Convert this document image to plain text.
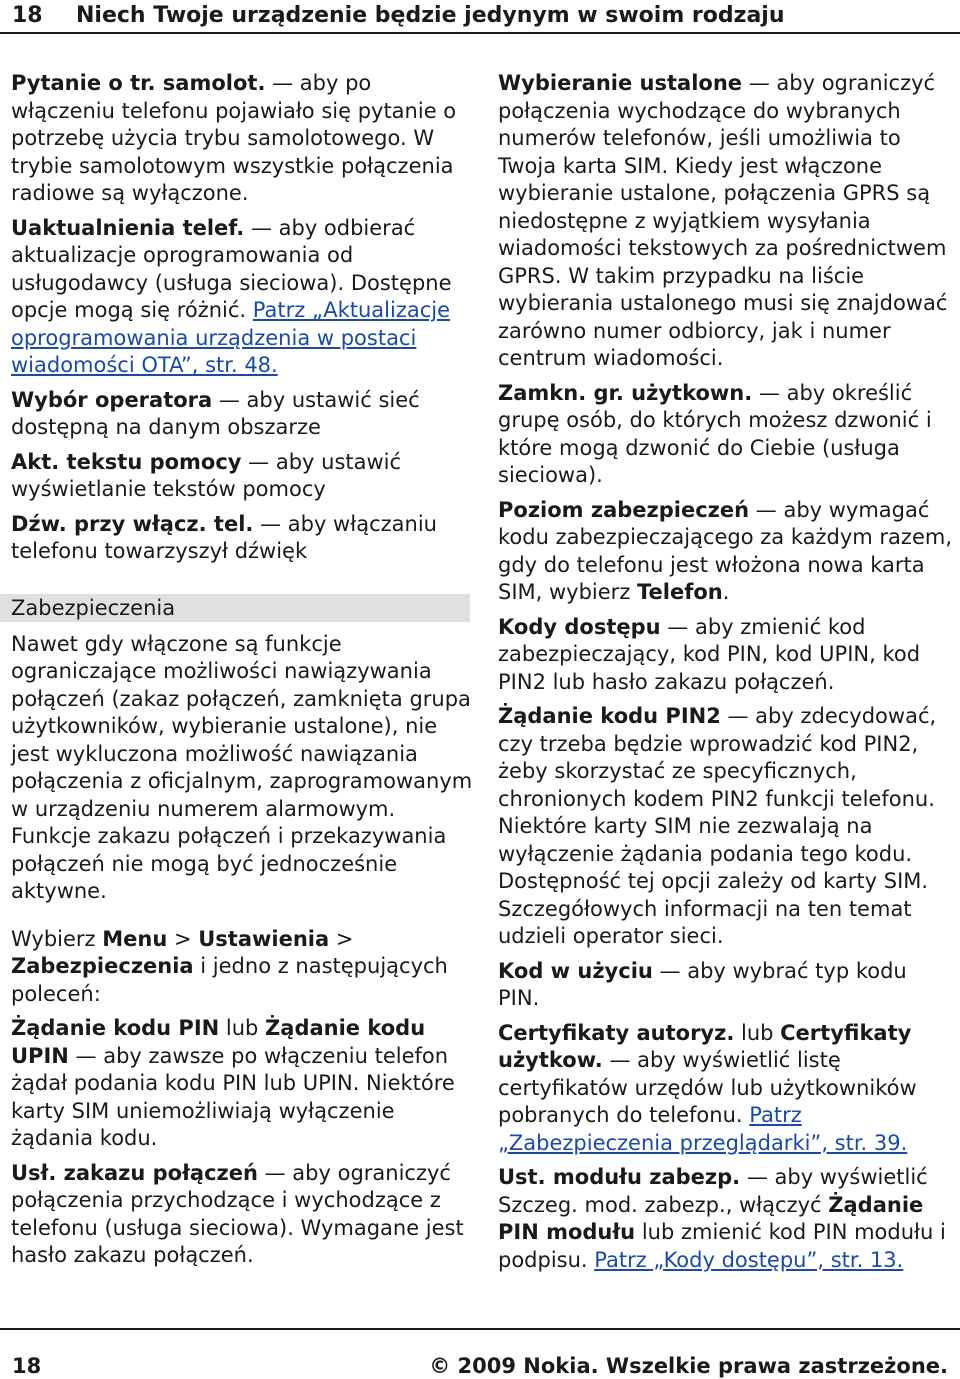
18 Niech Twoje urządzenie będzie jedynym w swoim rodzaju

Pytanie o tr. samolot. — aby po włączeniu telefonu pojawiało się pytanie o potrzebę użycia trybu samolotowego. W trybie samolotowym wszystkie połączenia radiowe są wyłączone.

Uaktualnienia telef. — aby odbierać aktualizacje oprogramowania od usługodawcy (usługa sieciowa). Dostępne opcje mogą się różnić. Patrz „Aktualizacje oprogramowania urządzenia w postaci wiadomości OTA”, str. 48.

Wybór operatora — aby ustawić sieć dostępną na danym obszarze

Akt. tekstu pomocy — aby ustawić wyświetlanie tekstów pomocy

Dźw. przy włącz. tel. — aby włączaniu telefonu towarzyszył dźwięk

Zabezpieczenia

Nawet gdy włączone są funkcje ograniczające możliwości nawiązywania połączeń (zakaz połączeń, zamknięta grupa użytkowników, wybieranie ustalone), nie jest wykluczona możliwość nawiązania połączenia z oficjalnym, zaprogramowanym w urządzeniu numerem alarmowym. Funkcje zakazu połączeń i przekazywania połączeń nie mogą być jednocześnie aktywne.

Wybierz Menu > Ustawienia > Zabezpieczenia i jedno z następujących poleceń:

Żądanie kodu PIN lub Żądanie kodu UPIN — aby zawsze po włączeniu telefon żądał podania kodu PIN lub UPIN. Niektóre karty SIM uniemożliwiają wyłączenie żądania kodu.

Usł. zakazu połączeń — aby ograniczyć połączenia przychodzące i wychodzące z telefonu (usługa sieciowa). Wymagane jest hasło zakazu połączeń.

Wybieranie ustalone — aby ograniczyć połączenia wychodzące do wybranych numerów telefonów, jeśli umożliwia to Twoja karta SIM. Kiedy jest włączone wybieranie ustalone, połączenia GPRS są niedostępne z wyjątkiem wysyłania wiadomości tekstowych za pośrednictwem GPRS. W takim przypadku na liście wybierania ustalonego musi się znajdować zarówno numer odbiorcy, jak i numer centrum wiadomości.

Zamkn. gr. użytkown. — aby określić grupę osób, do których możesz dzwonić i które mogą dzwonić do Ciebie (usługa sieciowa).

Poziom zabezpieczeń — aby wymagać kodu zabezpieczającego za każdym razem, gdy do telefonu jest włożona nowa karta SIM, wybierz Telefon.

Kody dostępu — aby zmienić kod zabezpieczający, kod PIN, kod UPIN, kod PIN2 lub hasło zakazu połączeń.

Żądanie kodu PIN2 — aby zdecydować, czy trzeba będzie wprowadzić kod PIN2, żeby skorzystać ze specyficznych, chronionych kodem PIN2 funkcji telefonu. Niektóre karty SIM nie zezwalają na wyłączenie żądania podania tego kodu. Dostępność tej opcji zależy od karty SIM. Szczegółowych informacji na ten temat udzieli operator sieci.

Kod w użyciu — aby wybrać typ kodu PIN.

Certyfikaty autoryz. lub Certyfikaty użytkow. — aby wyświetlić listę certyfikatów urzędów lub użytkowników pobranych do telefonu. Patrz „Zabezpieczenia przeglądarki”, str. 39.

Ust. modułu zabezp. — aby wyświetlić Szczeg. mod. zabezp., włączyć Żądanie PIN modułu lub zmienić kod PIN modułu i podpisu. Patrz „Kody dostępu”, str. 13.

18	© 2009 Nokia. Wszelkie prawa zastrzeżone.
